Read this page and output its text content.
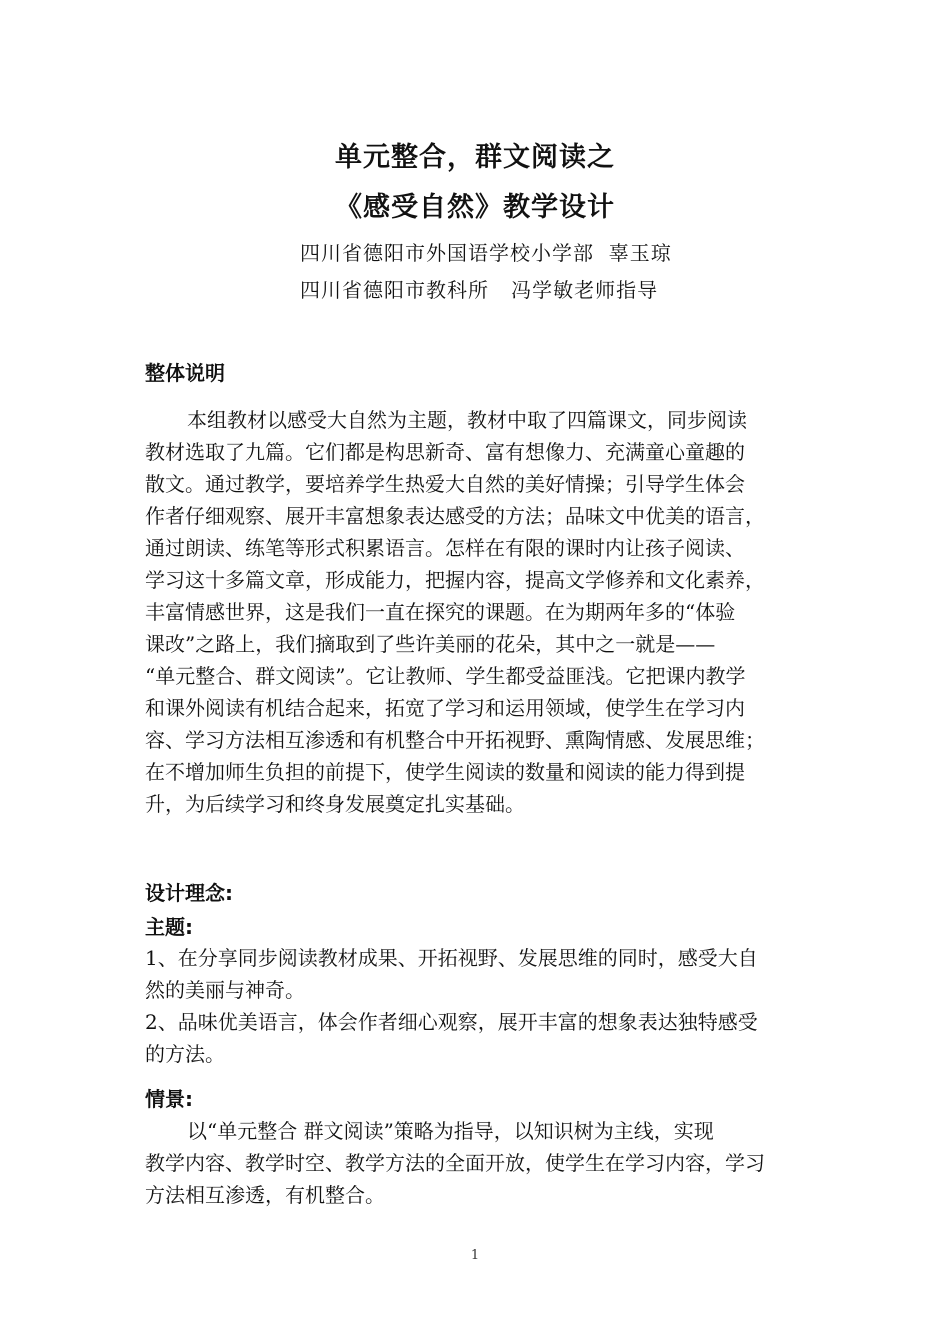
单元整合，群文阅读之
《感受自然》教学设计
四川省德阳市外国语学校小学部  辜玉琼
四川省德阳市教科所   冯学敏老师指导
整体说明
本组教材以感受大自然为主题，教材中取了四篇课文，同步阅读
教材选取了九篇。它们都是构思新奇、富有想像力、充满童心童趣的
散文。通过教学，要培养学生热爱大自然的美好情操；引导学生体会
作者仔细观察、展开丰富想象表达感受的方法；品味文中优美的语言，
通过朗读、练笔等形式积累语言。怎样在有限的课时内让孩子阅读、
学习这十多篇文章，形成能力，把握内容，提高文学修养和文化素养，
丰富情感世界，这是我们一直在探究的课题。在为期两年多的“体验
课改”之路上，我们摘取到了些许美丽的花朵，其中之一就是——
“单元整合、群文阅读”。它让教师、学生都受益匪浅。它把课内教学
和课外阅读有机结合起来，拓宽了学习和运用领域，使学生在学习内
容、学习方法相互渗透和有机整合中开拓视野、熏陶情感、发展思维；
在不增加师生负担的前提下，使学生阅读的数量和阅读的能力得到提
升，为后续学习和终身发展奠定扎实基础。
设计理念:
主题:
1、在分享同步阅读教材成果、开拓视野、发展思维的同时，感受大自
然的美丽与神奇。
2、品味优美语言，体会作者细心观察，展开丰富的想象表达独特感受
的方法。
情景:
以“单元整合 群文阅读”策略为指导，以知识树为主线，实现
教学内容、教学时空、教学方法的全面开放，使学生在学习内容，学习
方法相互渗透，有机整合。
1
